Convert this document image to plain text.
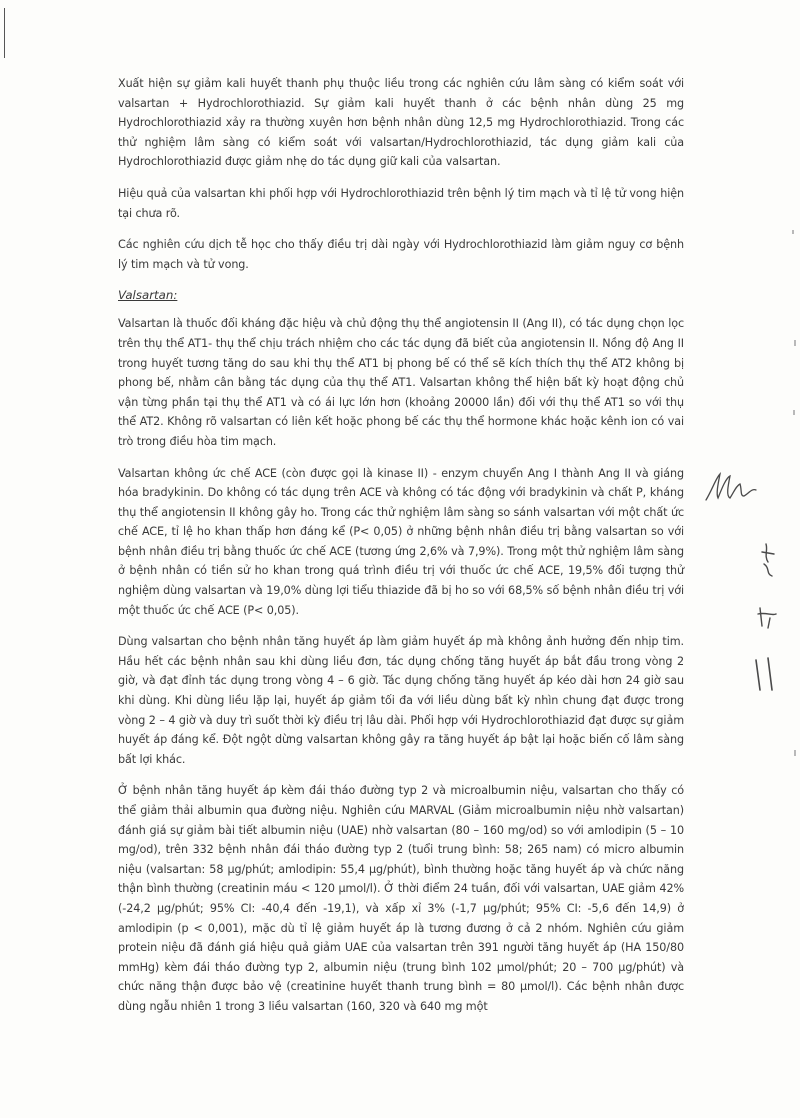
Xuất hiện sự giảm kali huyết thanh phụ thuộc liều trong các nghiên cứu lâm sàng có kiểm soát với valsartan + Hydrochlorothiazid. Sự giảm kali huyết thanh ở các bệnh nhân dùng 25 mg Hydrochlorothiazid xảy ra thường xuyên hơn bệnh nhân dùng 12,5 mg Hydrochlorothiazid. Trong các thử nghiệm lâm sàng có kiểm soát với valsartan/Hydrochlorothiazid, tác dụng giảm kali của Hydrochlorothiazid được giảm nhẹ do tác dụng giữ kali của valsartan.

Hiệu quả của valsartan khi phối hợp với Hydrochlorothiazid trên bệnh lý tim mạch và tỉ lệ tử vong hiện tại chưa rõ.

Các nghiên cứu dịch tễ học cho thấy điều trị dài ngày với Hydrochlorothiazid làm giảm nguy cơ bệnh lý tim mạch và tử vong.

Valsartan:

Valsartan là thuốc đối kháng đặc hiệu và chủ động thụ thể angiotensin II (Ang II), có tác dụng chọn lọc trên thụ thể AT1- thụ thể chịu trách nhiệm cho các tác dụng đã biết của angiotensin II. Nồng độ Ang II trong huyết tương tăng do sau khi thụ thể AT1 bị phong bế có thể sẽ kích thích thụ thể AT2 không bị phong bế, nhằm cân bằng tác dụng của thụ thể AT1. Valsartan không thể hiện bất kỳ hoạt động chủ vận từng phần tại thụ thể AT1 và có ái lực lớn hơn (khoảng 20000 lần) đối với thụ thể AT1 so với thụ thể AT2. Không rõ valsartan có liên kết hoặc phong bế các thụ thể hormone khác hoặc kênh ion có vai trò trong điều hòa tim mạch.

Valsartan không ức chế ACE (còn được gọi là kinase II) - enzym chuyển Ang I thành Ang II và giáng hóa bradykinin. Do không có tác dụng trên ACE và không có tác động với bradykinin và chất P, kháng thụ thể angiotensin II không gây ho. Trong các thử nghiệm lâm sàng so sánh valsartan với một chất ức chế ACE, tỉ lệ ho khan thấp hơn đáng kể (P< 0,05) ở những bệnh nhân điều trị bằng valsartan so với bệnh nhân điều trị bằng thuốc ức chế ACE (tương ứng 2,6% và 7,9%). Trong một thử nghiệm lâm sàng ở bệnh nhân có tiền sử ho khan trong quá trình điều trị với thuốc ức chế ACE, 19,5% đối tượng thử nghiệm dùng valsartan và 19,0% dùng lợi tiểu thiazide đã bị ho so với 68,5% số bệnh nhân điều trị với một thuốc ức chế ACE (P< 0,05).

Dùng valsartan cho bệnh nhân tăng huyết áp làm giảm huyết áp mà không ảnh hưởng đến nhịp tim. Hầu hết các bệnh nhân sau khi dùng liều đơn, tác dụng chống tăng huyết áp bắt đầu trong vòng 2 giờ, và đạt đỉnh tác dụng trong vòng 4 – 6 giờ. Tác dụng chống tăng huyết áp kéo dài hơn 24 giờ sau khi dùng. Khi dùng liều lặp lại, huyết áp giảm tối đa với liều dùng bất kỳ nhìn chung đạt được trong vòng 2 – 4 giờ và duy trì suốt thời kỳ điều trị lâu dài. Phối hợp với Hydrochlorothiazid đạt được sự giảm huyết áp đáng kể. Đột ngột dừng valsartan không gây ra tăng huyết áp bật lại hoặc biến cố lâm sàng bất lợi khác.

Ở bệnh nhân tăng huyết áp kèm đái tháo đường typ 2 và microalbumin niệu, valsartan cho thấy có thể giảm thải albumin qua đường niệu. Nghiên cứu MARVAL (Giảm microalbumin niệu nhờ valsartan) đánh giá sự giảm bài tiết albumin niệu (UAE) nhờ valsartan (80 – 160 mg/od) so với amlodipin (5 – 10 mg/od), trên 332 bệnh nhân đái tháo đường typ 2 (tuổi trung bình: 58; 265 nam) có micro albumin niệu (valsartan: 58 µg/phút; amlodipin: 55,4 µg/phút), bình thường hoặc tăng huyết áp và chức năng thận bình thường (creatinin máu < 120 µmol/l). Ở thời điểm 24 tuần, đối với valsartan, UAE giảm 42% (-24,2 µg/phút; 95% CI: -40,4 đến -19,1), và xấp xỉ 3% (-1,7 µg/phút; 95% CI: -5,6 đến 14,9) ở amlodipin (p < 0,001), mặc dù tỉ lệ giảm huyết áp là tương đương ở cả 2 nhóm. Nghiên cứu giảm protein niệu đã đánh giá hiệu quả giảm UAE của valsartan trên 391 người tăng huyết áp (HA 150/80 mmHg) kèm đái tháo đường typ 2, albumin niệu (trung bình 102 µmol/phút; 20 – 700 µg/phút) và chức năng thận được bảo vệ (creatinine huyết thanh trung bình = 80 µmol/l). Các bệnh nhân được dùng ngẫu nhiên 1 trong 3 liều valsartan (160, 320 và 640 mg một
